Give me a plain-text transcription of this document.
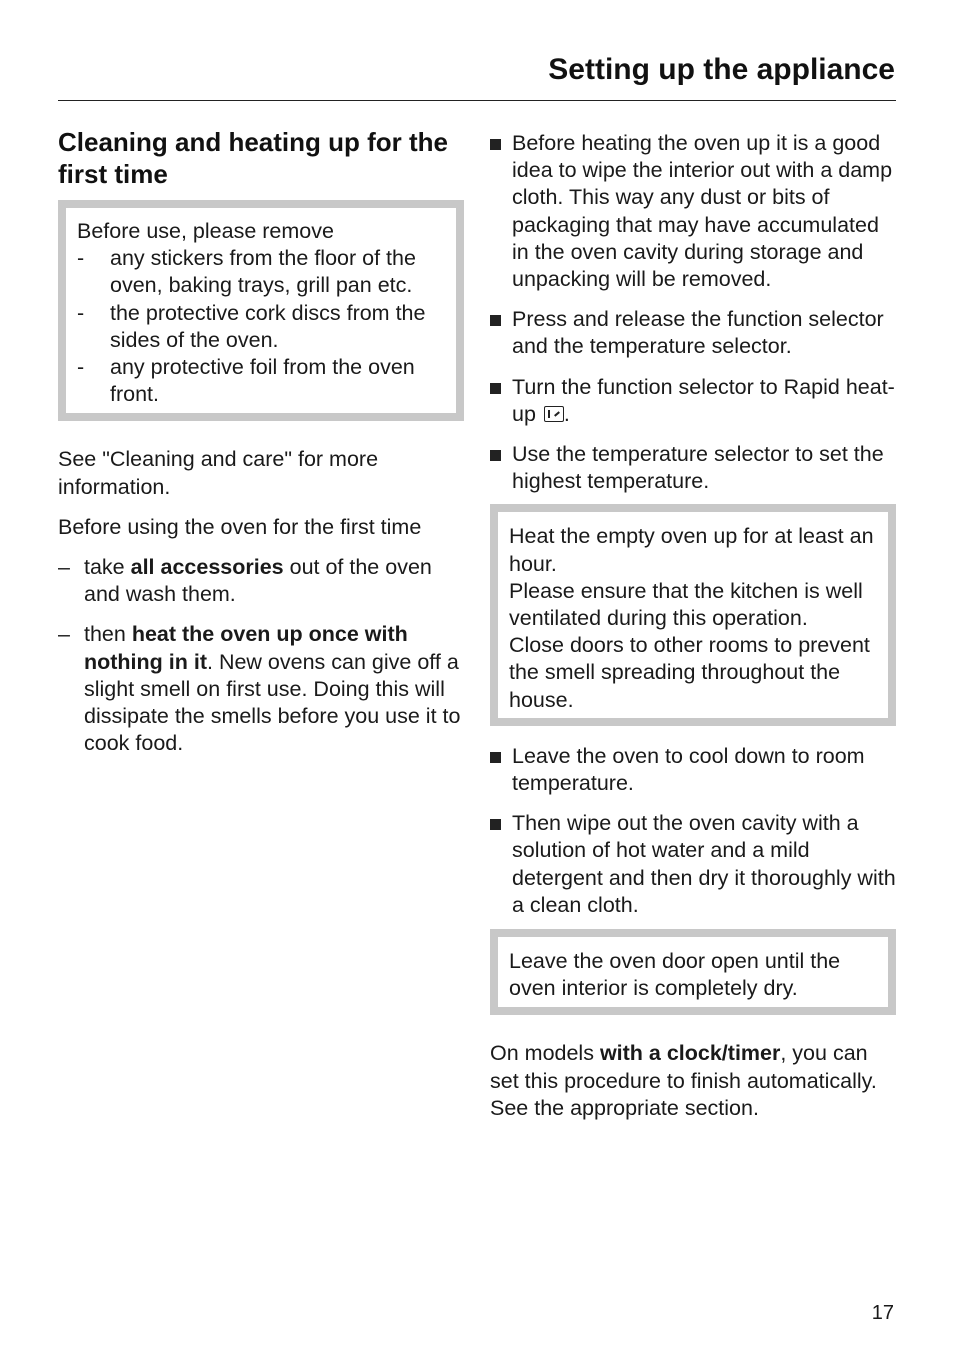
Setting up the appliance
Cleaning and heating up for the first time

Before use, please remove

- any stickers from the floor of the oven, baking trays, grill pan etc.
- the protective cork discs from the sides of the oven.
- any protective foil from the oven front.

See "Cleaning and care" for more information.

Before using the oven for the first time

– take all accessories out of the oven and wash them.
– then heat the oven up once with nothing in it. New ovens can give off a slight smell on first use. Doing this will dissipate the smells before you use it to cook food.
Before heating the oven up it is a good idea to wipe the interior out with a damp cloth. This way any dust or bits of packaging that may have accumulated in the oven cavity during storage and unpacking will be removed.
Press and release the function selector and the temperature selector.
Turn the function selector to Rapid heat-up .
Use the temperature selector to set the highest temperature.

Heat the empty oven up for at least an hour.

Please ensure that the kitchen is well ventilated during this operation.

Close doors to other rooms to prevent the smell spreading throughout the house.

Leave the oven to cool down to room temperature.
Then wipe out the oven cavity with a solution of hot water and a mild detergent and then dry it thoroughly with a clean cloth.

Leave the oven door open until the oven interior is completely dry.

On models with a clock/timer, you can set this procedure to finish automatically. See the appropriate section.

17
